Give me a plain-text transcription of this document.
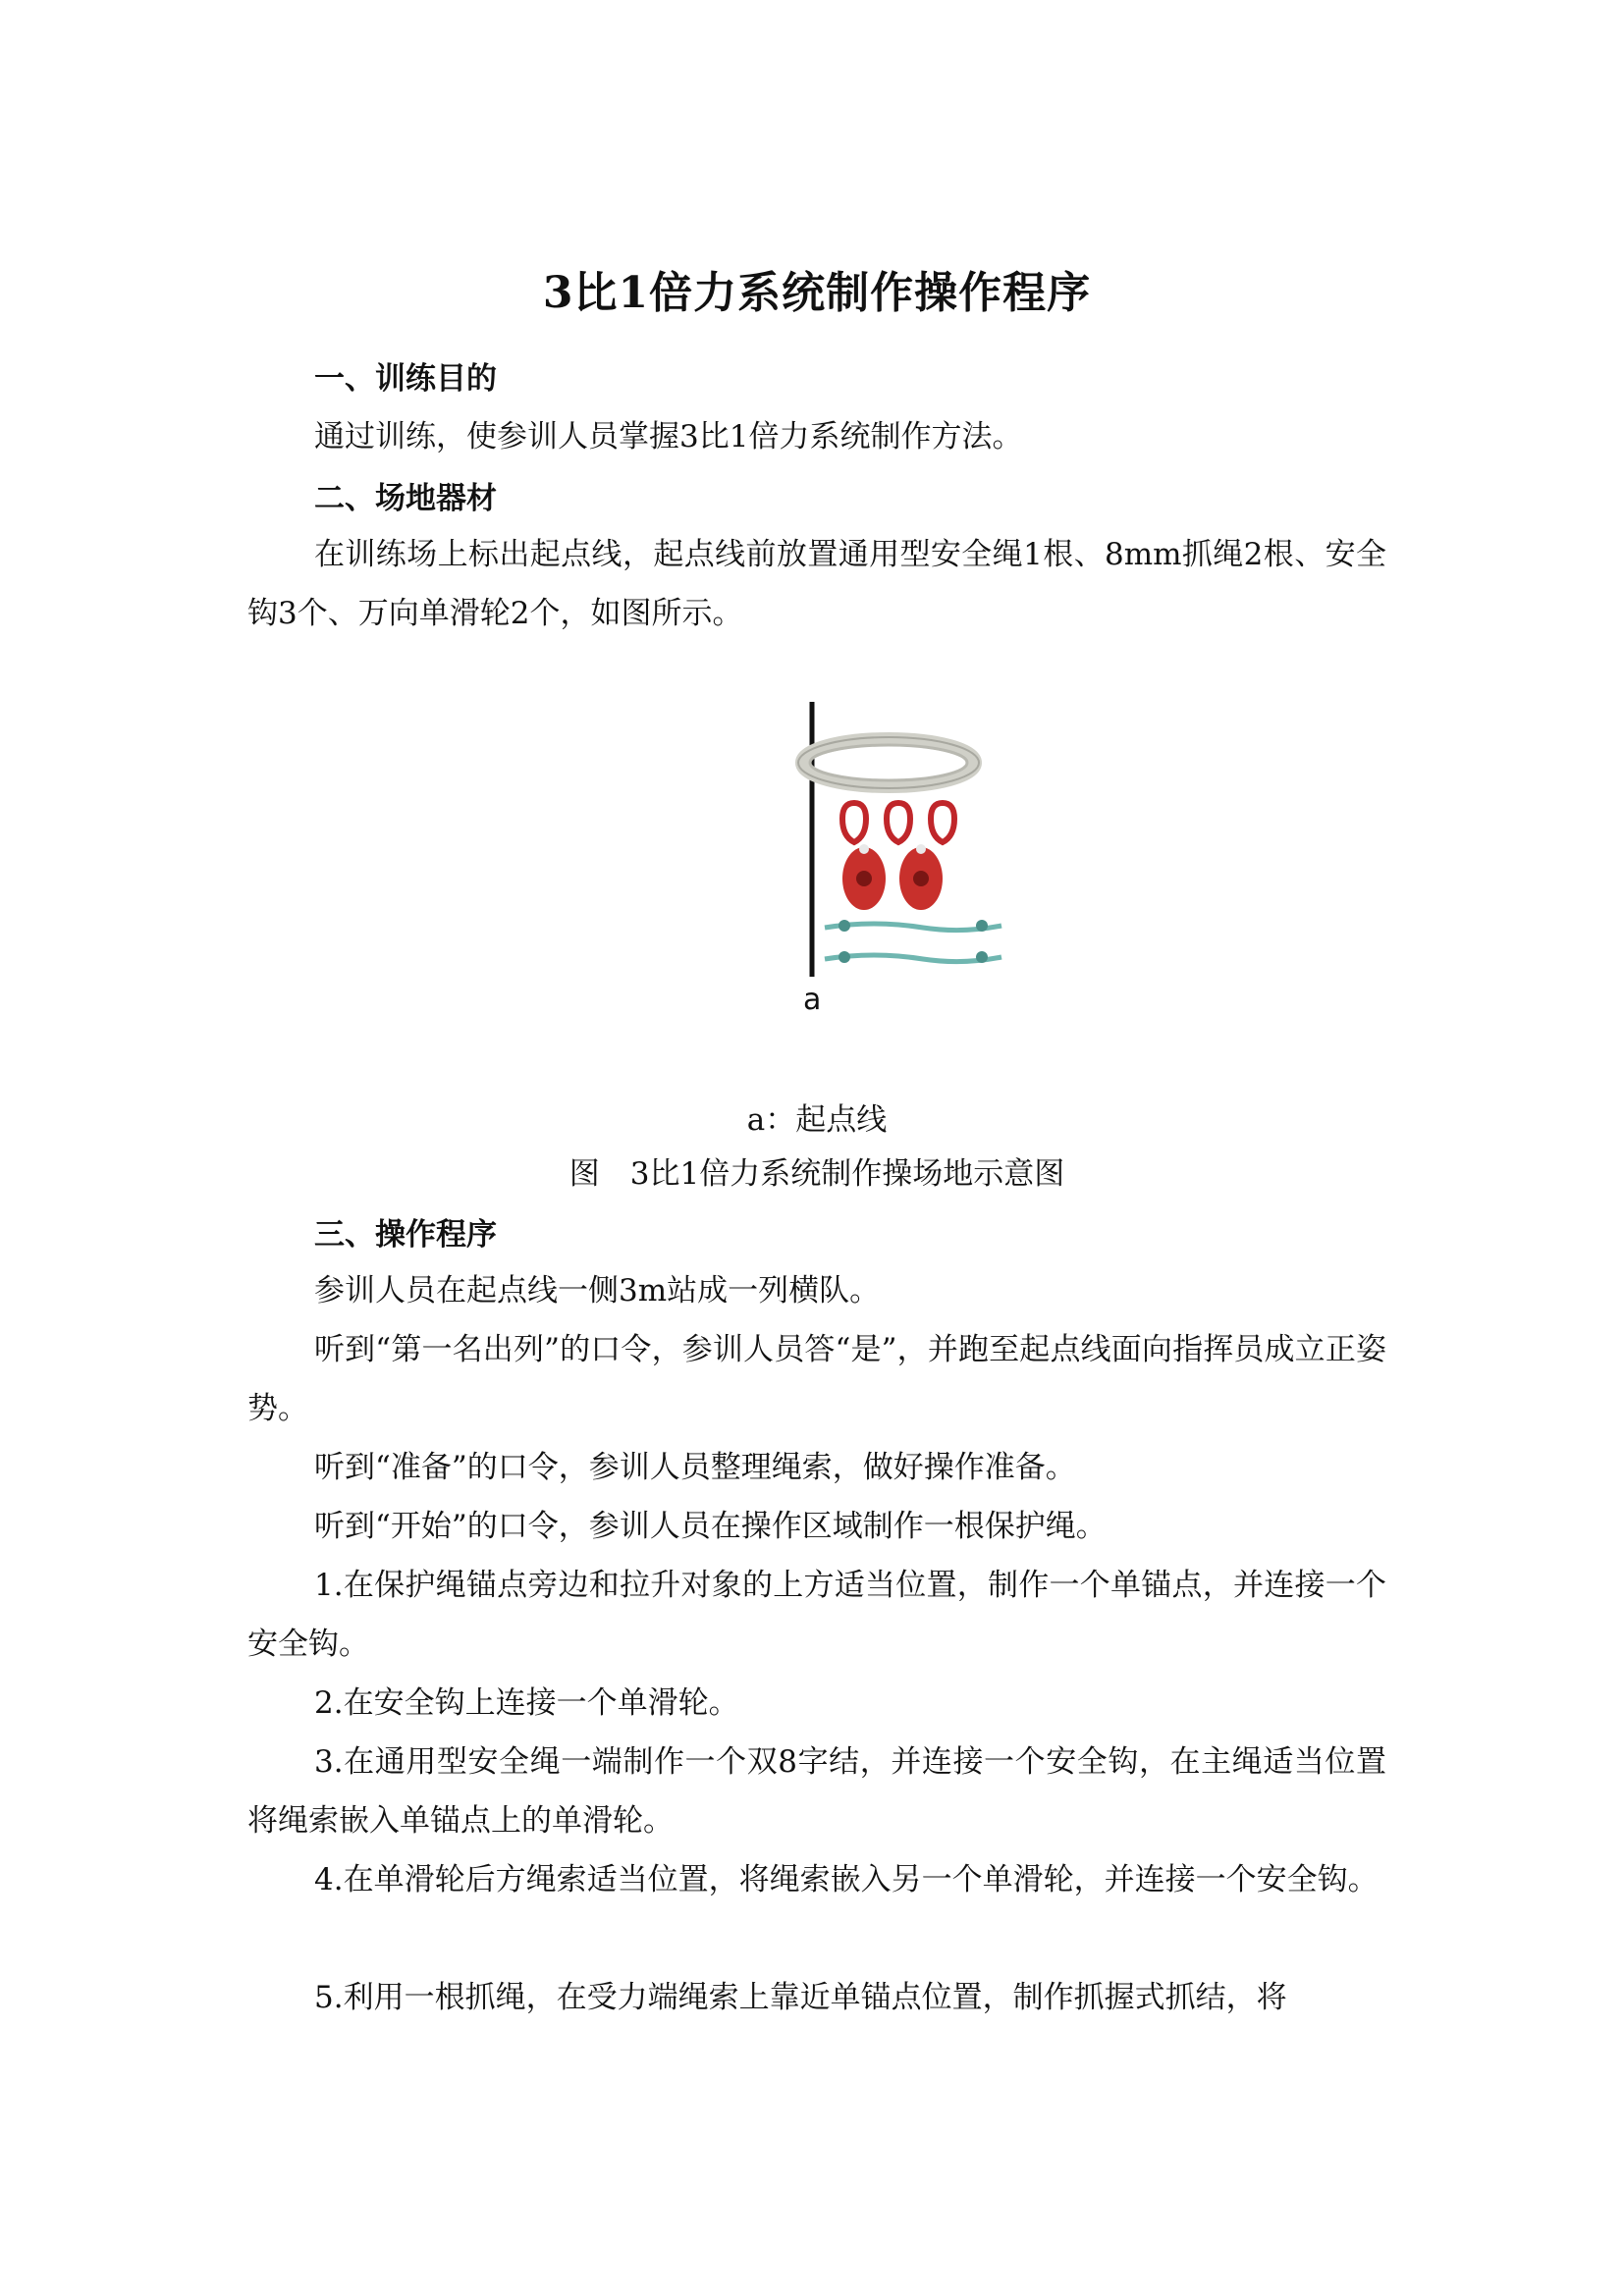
3比1倍力系统制作操作程序
一、训练目的
通过训练，使参训人员掌握3比1倍力系统制作方法。
二、场地器材
在训练场上标出起点线，起点线前放置通用型安全绳1根、8mm抓绳2根、安全钩3个、万向单滑轮2个，如图所示。
a
a：起点线
图　3比1倍力系统制作操场地示意图
三、操作程序
参训人员在起点线一侧3m站成一列横队。
听到“第一名出列”的口令，参训人员答“是”，并跑至起点线面向指挥员成立正姿势。
听到“准备”的口令，参训人员整理绳索，做好操作准备。
听到“开始”的口令，参训人员在操作区域制作一根保护绳。
1.在保护绳锚点旁边和拉升对象的上方适当位置，制作一个单锚点，并连接一个安全钩。
2.在安全钩上连接一个单滑轮。
3.在通用型安全绳一端制作一个双8字结，并连接一个安全钩，在主绳适当位置将绳索嵌入单锚点上的单滑轮。
4.在单滑轮后方绳索适当位置，将绳索嵌入另一个单滑轮，并连接一个安全钩。
5.利用一根抓绳，在受力端绳索上靠近单锚点位置，制作抓握式抓结，将
